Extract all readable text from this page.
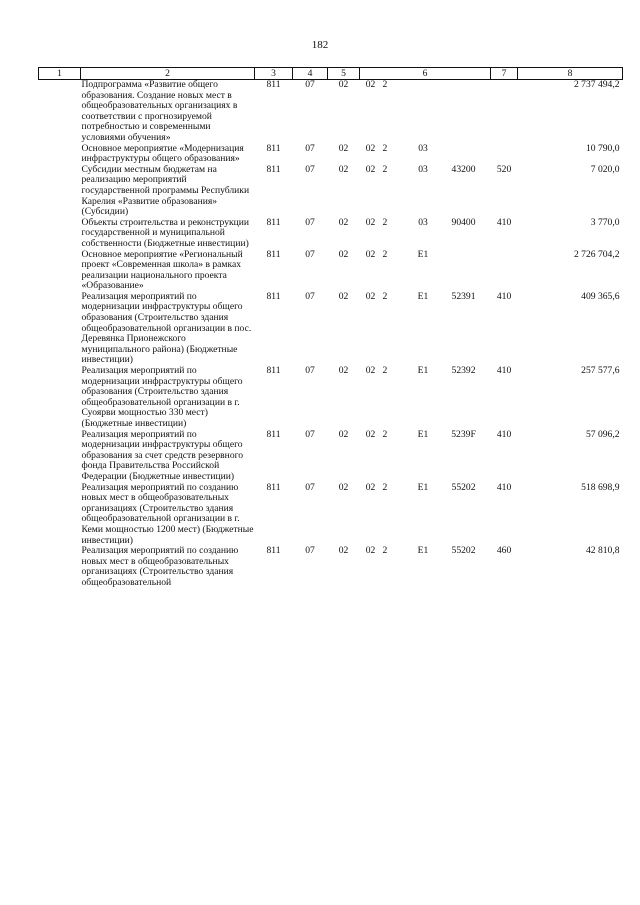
182
1	2	3	4	5	6				7	8
	Подпрограмма «Развитие общего образования. Создание новых мест в общеобразовательных организациях в соответствии с прогнозируемой потребностью и современными условиями обучения»	811	07	02	02	2				2 737 494,2
	Основное мероприятие «Модернизация инфраструктуры общего образования»	811	07	02	02	2	03			10 790,0
	Субсидии местным бюджетам на реализацию мероприятий государственной программы Республики Карелия «Развитие образования» (Субсидии)	811	07	02	02	2	03	43200	520	7 020,0
	Объекты строительства и реконструкции государственной и муниципальной собственности (Бюджетные инвестиции)	811	07	02	02	2	03	90400	410	3 770,0
	Основное мероприятие «Региональный проект «Современная школа» в рамках реализации национального проекта «Образование»	811	07	02	02	2	E1			2 726 704,2
	Реализация мероприятий по модернизации инфраструктуры общего образования (Строительство здания общеобразовательной организации в пос. Деревянка Прионежского муниципального района) (Бюджетные инвестиции)	811	07	02	02	2	E1	52391	410	409 365,6
	Реализация мероприятий по модернизации инфраструктуры общего образования (Строительство здания общеобразовательной организации в г. Суоярви мощностью 330 мест) (Бюджетные инвестиции)	811	07	02	02	2	E1	52392	410	257 577,6
	Реализация мероприятий по модернизации инфраструктуры общего образования за счет средств резервного фонда Правительства Российской Федерации (Бюджетные инвестиции)	811	07	02	02	2	E1	5239F	410	57 096,2
	Реализация мероприятий по созданию новых мест в общеобразовательных организациях (Строительство здания общеобразовательной организации в г. Кеми мощностью 1200 мест) (Бюджетные инвестиции)	811	07	02	02	2	E1	55202	410	518 698,9
	Реализация мероприятий по созданию новых мест в общеобразовательных организациях (Строительство здания общеобразовательной	811	07	02	02	2	E1	55202	460	42 810,8
